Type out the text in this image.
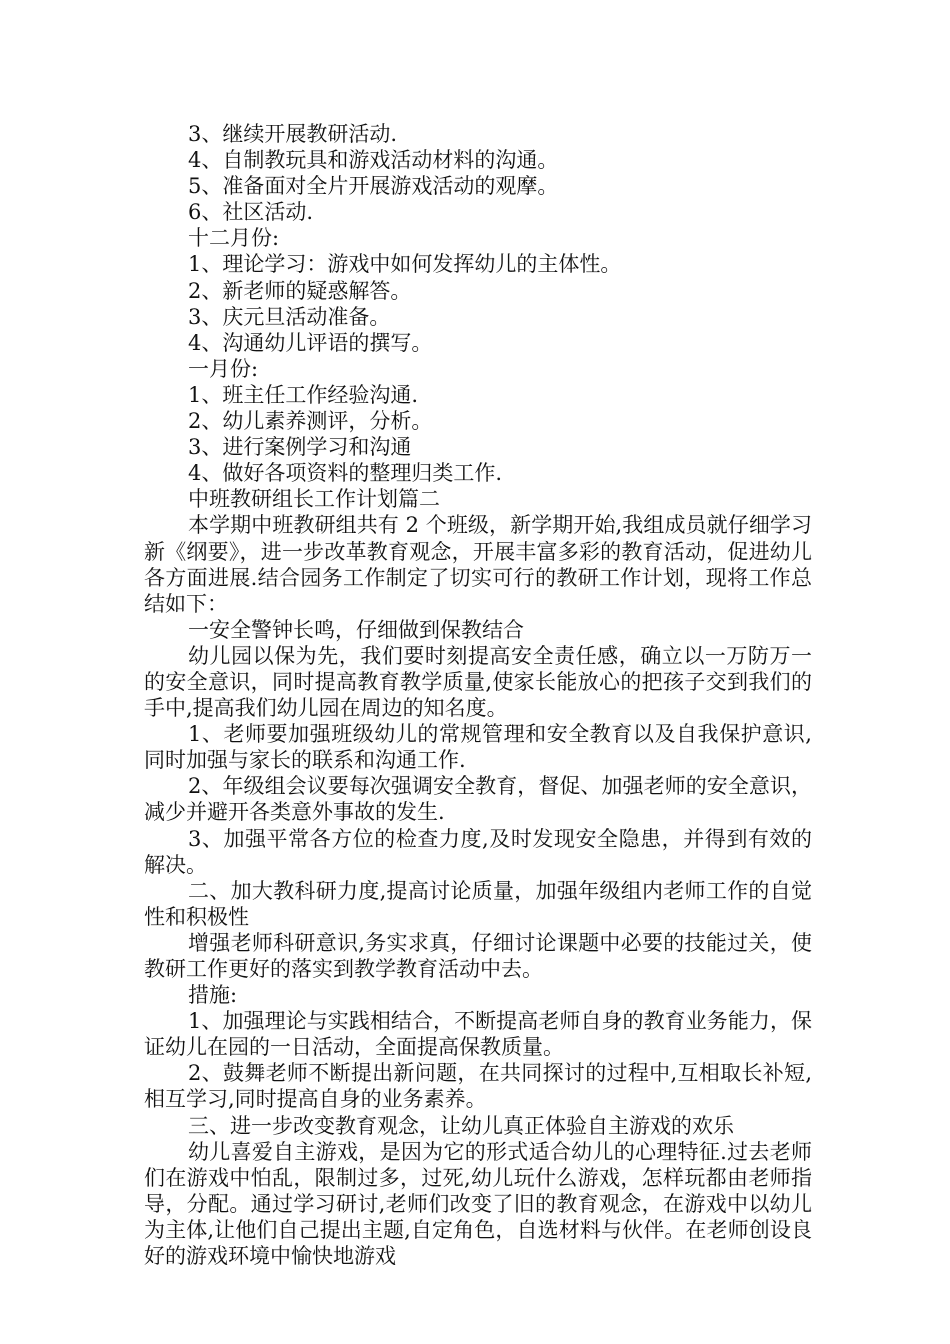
3、继续开展教研活动.
4、自制教玩具和游戏活动材料的沟通。
5、准备面对全片开展游戏活动的观摩。
6、社区活动.
十二月份:
1、理论学习：游戏中如何发挥幼儿的主体性。
2、新老师的疑惑解答。
3、庆元旦活动准备。
4、沟通幼儿评语的撰写。
一月份:
1、班主任工作经验沟通.
2、幼儿素养测评，分析。
3、进行案例学习和沟通
4、做好各项资料的整理归类工作.
中班教研组长工作计划篇二
本学期中班教研组共有 2 个班级，新学期开始,我组成员就仔细学习新《纲要》，进一步改革教育观念，开展丰富多彩的教育活动，促进幼儿各方面进展.结合园务工作制定了切实可行的教研工作计划，现将工作总结如下：
一安全警钟长鸣，仔细做到保教结合
幼儿园以保为先，我们要时刻提高安全责任感，确立以一万防万一的安全意识，同时提高教育教学质量,使家长能放心的把孩子交到我们的手中,提高我们幼儿园在周边的知名度。
1、老师要加强班级幼儿的常规管理和安全教育以及自我保护意识,同时加强与家长的联系和沟通工作.
2、年级组会议要每次强调安全教育，督促、加强老师的安全意识，减少并避开各类意外事故的发生.
3、加强平常各方位的检查力度,及时发现安全隐患，并得到有效的解决。
二、加大教科研力度,提高讨论质量，加强年级组内老师工作的自觉性和积极性
增强老师科研意识,务实求真，仔细讨论课题中必要的技能过关，使教研工作更好的落实到教学教育活动中去。
措施:
1、加强理论与实践相结合，不断提高老师自身的教育业务能力，保证幼儿在园的一日活动，全面提高保教质量。
2、鼓舞老师不断提出新问题，在共同探讨的过程中,互相取长补短,相互学习,同时提高自身的业务素养。
三、进一步改变教育观念，让幼儿真正体验自主游戏的欢乐
幼儿喜爱自主游戏，是因为它的形式适合幼儿的心理特征.过去老师们在游戏中怕乱，限制过多，过死,幼儿玩什么游戏，怎样玩都由老师指导，分配。通过学习研讨,老师们改变了旧的教育观念，在游戏中以幼儿为主体,让他们自己提出主题,自定角色，自选材料与伙伴。在老师创设良好的游戏环境中愉快地游戏
